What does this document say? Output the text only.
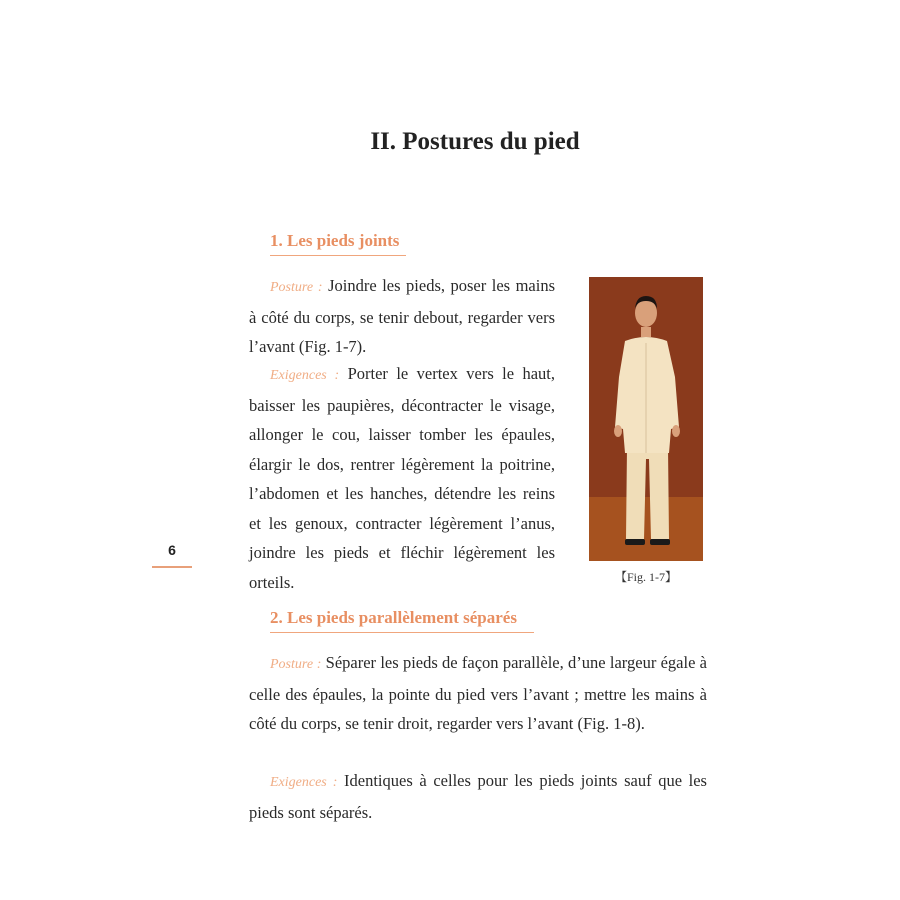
II. Postures du pied
1. Les pieds joints

Posture : Joindre les pieds, poser les mains à côté du corps, se tenir debout, regarder vers l’avant (Fig. 1-7).

Exigences : Porter le vertex vers le haut, baisser les paupières, décontracter le visage, allonger le cou, laisser tomber les épaules, élargir le dos, rentrer légèrement la poitrine, l’abdomen et les hanches, détendre les reins et les genoux, contracter légèrement l’anus, joindre les pieds et fléchir légèrement les orteils.	【Fig. 1-7】
6
2. Les pieds parallèlement séparés

Posture : Séparer les pieds de façon parallèle, d’une largeur égale à celle des épaules, la pointe du pied vers l’avant ; mettre les mains à côté du corps, se tenir droit, regarder vers l’avant (Fig. 1-8).

Exigences : Identiques à celles pour les pieds joints sauf que les pieds sont séparés.
